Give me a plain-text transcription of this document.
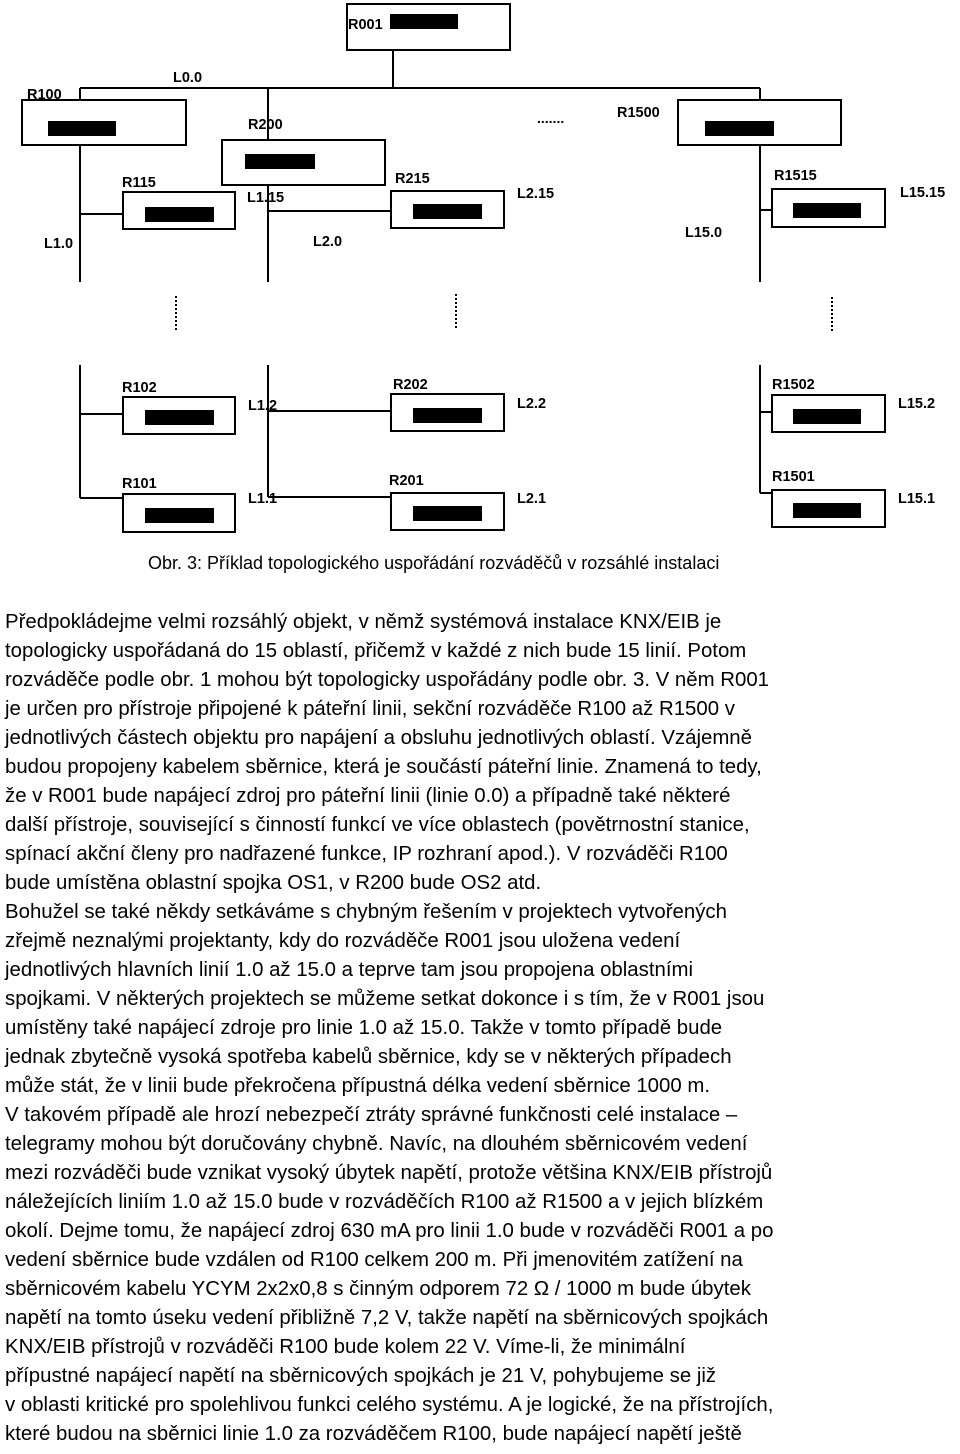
R001
R100
L0.0
R200	.......	R1500
R115
L1.15
L1.0
R215
L2.15
L2.0
R1515
L15.15
L15.0
R102
L1.2
R202
L2.2
R1502
L15.2
R101
L1.1
R201
L2.1
R1501
L15.1

Obr. 3: Příklad topologického uspořádání rozváděčů v rozsáhlé instalaci

Předpokládejme velmi rozsáhlý objekt, v němž systémová instalace KNX/EIB je
topologicky uspořádaná do 15 oblastí, přičemž v každé z nich bude 15 linií. Potom
rozváděče podle obr. 1 mohou být topologicky uspořádány podle obr. 3. V něm R001
je určen pro přístroje připojené k páteřní linii, sekční rozváděče R100 až R1500 v
jednotlivých částech objektu pro napájení a obsluhu jednotlivých oblastí. Vzájemně
budou propojeny kabelem sběrnice, která je součástí páteřní linie. Znamená to tedy,
že v R001 bude napájecí zdroj pro páteřní linii (linie 0.0) a případně také některé
další přístroje, související s činností funkcí ve více oblastech (povětrnostní stanice,
spínací akční členy pro nadřazené funkce, IP rozhraní apod.). V rozváděči R100
bude umístěna oblastní spojka OS1, v R200 bude OS2 atd.
Bohužel se také někdy setkáváme s chybným řešením v projektech vytvořených
zřejmě neznalými projektanty, kdy do rozváděče R001 jsou uložena vedení
jednotlivých hlavních linií 1.0 až 15.0 a teprve tam jsou propojena oblastními
spojkami. V některých projektech se můžeme setkat dokonce i s tím, že v R001 jsou
umístěny také napájecí zdroje pro linie 1.0 až 15.0. Takže v tomto případě bude
jednak zbytečně vysoká spotřeba kabelů sběrnice, kdy se v některých případech
může stát, že v linii bude překročena přípustná délka vedení sběrnice 1000 m.
V takovém případě ale hrozí nebezpečí ztráty správné funkčnosti celé instalace –
telegramy mohou být doručovány chybně. Navíc, na dlouhém sběrnicovém vedení
mezi rozváděči bude vznikat vysoký úbytek napětí, protože většina KNX/EIB přístrojů
náležejících liniím 1.0 až 15.0 bude v rozváděčích R100 až R1500 a v jejich blízkém
okolí. Dejme tomu, že napájecí zdroj 630 mA pro linii 1.0 bude v rozváděči R001 a po
vedení sběrnice bude vzdálen od R100 celkem 200 m. Při jmenovitém zatížení na
sběrnicovém kabelu YCYM 2x2x0,8 s činným odporem 72 Ω / 1000 m bude úbytek
napětí na tomto úseku vedení přibližně 7,2 V, takže napětí na sběrnicových spojkách
KNX/EIB přístrojů v rozváděči R100 bude kolem 22 V. Víme-li, že minimální
přípustné napájecí napětí na sběrnicových spojkách je 21 V, pohybujeme se již
v oblasti kritické pro spolehlivou funkci celého systému. A je logické, že na přístrojích,
které budou na sběrnici linie 1.0 za rozváděčem R100, bude napájecí napětí ještě
